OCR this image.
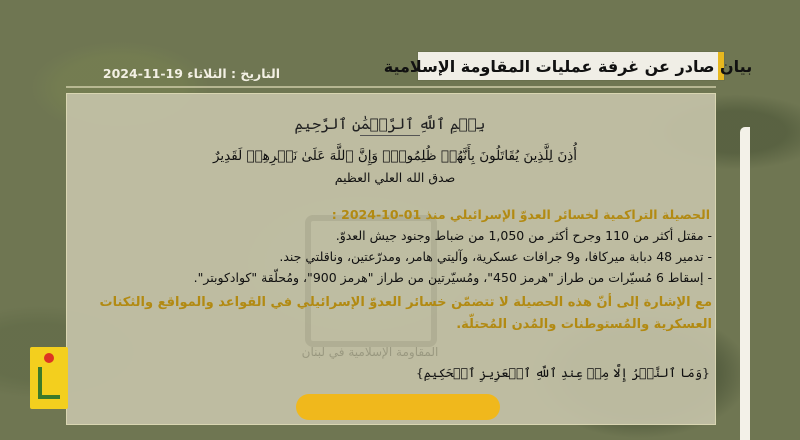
بيان صادر عن غرفة عمليات المقاومة الإسلامية
التاريخ : الثلاثاء 19-11-2024
المقاومة الإسلامية في لبنان
بِسۡمِ ٱللَّهِ ٱلرَّحۡمَٰنِ ٱلرَّحِيمِ
أُذِنَ لِلَّذِينَ يُقَاتَلُونَ بِأَنَّهُمۡ ظُلِمُواْۚ وَإِنَّ ٱللَّهَ عَلَىٰ نَصۡرِهِمۡ لَقَدِيرٌ
صدق الله العلي العظيم
الحصيلة التراكمية لخسائر العدوّ الإسرائيلي منذ 01-10-2024 :
- مقتل أكثر من 110 وجرح أكثر من 1,050 من ضباط وجنود جيش العدوّ.
- تدمير 48 دبابة ميركافا، و9 جرافات عسكرية، وآليتي هامر، ومدرّعتين، وناقلتي جند.
- إسقاط 6 مُسيّرات من طراز "هرمز 450"، ومُسيّرتين من طراز "هرمز 900"، ومُحلّقة "كوادكوبتر".
مع الإشارة إلى أنّ هذه الحصيلة لا تتضمّن خسائر العدوّ الإسرائيلي في القواعد والمواقع والثكنات العسكرية والمُستوطنات والمُدن المُحتلّة.
{وَمَا ٱلنَّصۡرُ إِلَّا مِنۡ عِندِ ٱللَّهِ ٱلۡعَزِيزِ ٱلۡحَكِيمِ}
